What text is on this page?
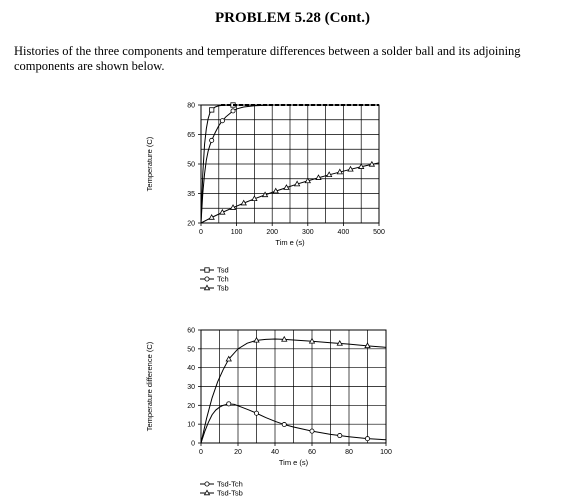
PROBLEM 5.28 (Cont.)
Histories of the three components and temperature differences between a solder ball and its adjoining components are shown below.
0	100	200	300	400	500
20
35
50
65
80
Tim e (s)
Temperature (C)
Tsd
Tch
Tsb
0	20	40	60	80	100
0
10
20
30
40
50
60
Tim e (s)
Temperature difference (C)
Tsd-Tch
Tsd-Tsb
